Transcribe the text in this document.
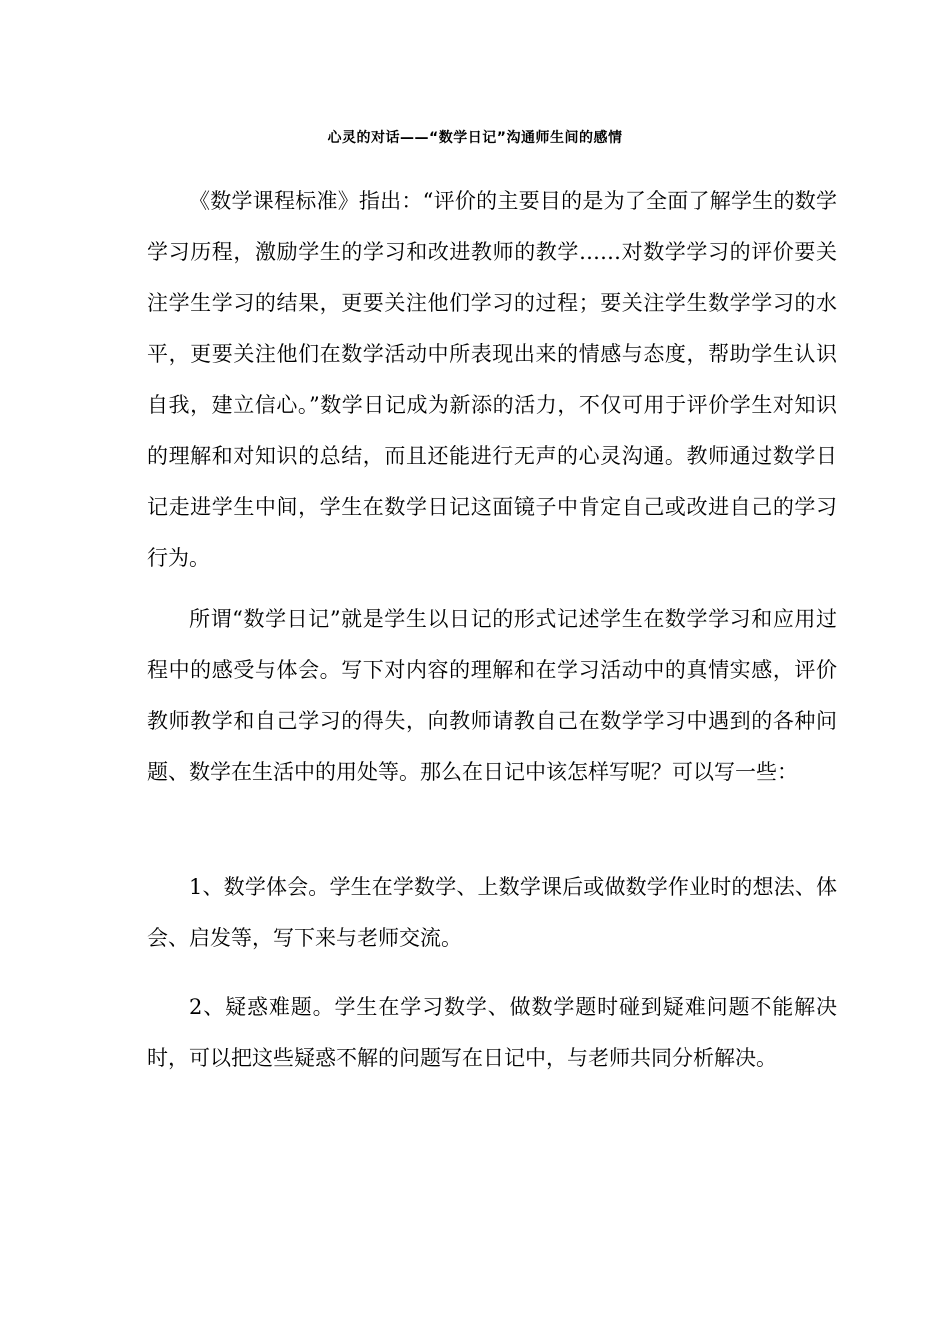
心灵的对话——“数学日记”沟通师生间的感情

《数学课程标准》指出：“评价的主要目的是为了全面了解学生的数学学习历程，激励学生的学习和改进教师的教学……对数学学习的评价要关注学生学习的结果，更要关注他们学习的过程；要关注学生数学学习的水平，更要关注他们在数学活动中所表现出来的情感与态度，帮助学生认识自我，建立信心。”数学日记成为新添的活力，不仅可用于评价学生对知识的理解和对知识的总结，而且还能进行无声的心灵沟通。教师通过数学日记走进学生中间，学生在数学日记这面镜子中肯定自己或改进自己的学习行为。

所谓“数学日记”就是学生以日记的形式记述学生在数学学习和应用过程中的感受与体会。写下对内容的理解和在学习活动中的真情实感，评价教师教学和自己学习的得失，向教师请教自己在数学学习中遇到的各种问题、数学在生活中的用处等。那么在日记中该怎样写呢？可以写一些：

1、数学体会。学生在学数学、上数学课后或做数学作业时的想法、体会、启发等，写下来与老师交流。

2、疑惑难题。学生在学习数学、做数学题时碰到疑难问题不能解决时，可以把这些疑惑不解的问题写在日记中，与老师共同分析解决。
